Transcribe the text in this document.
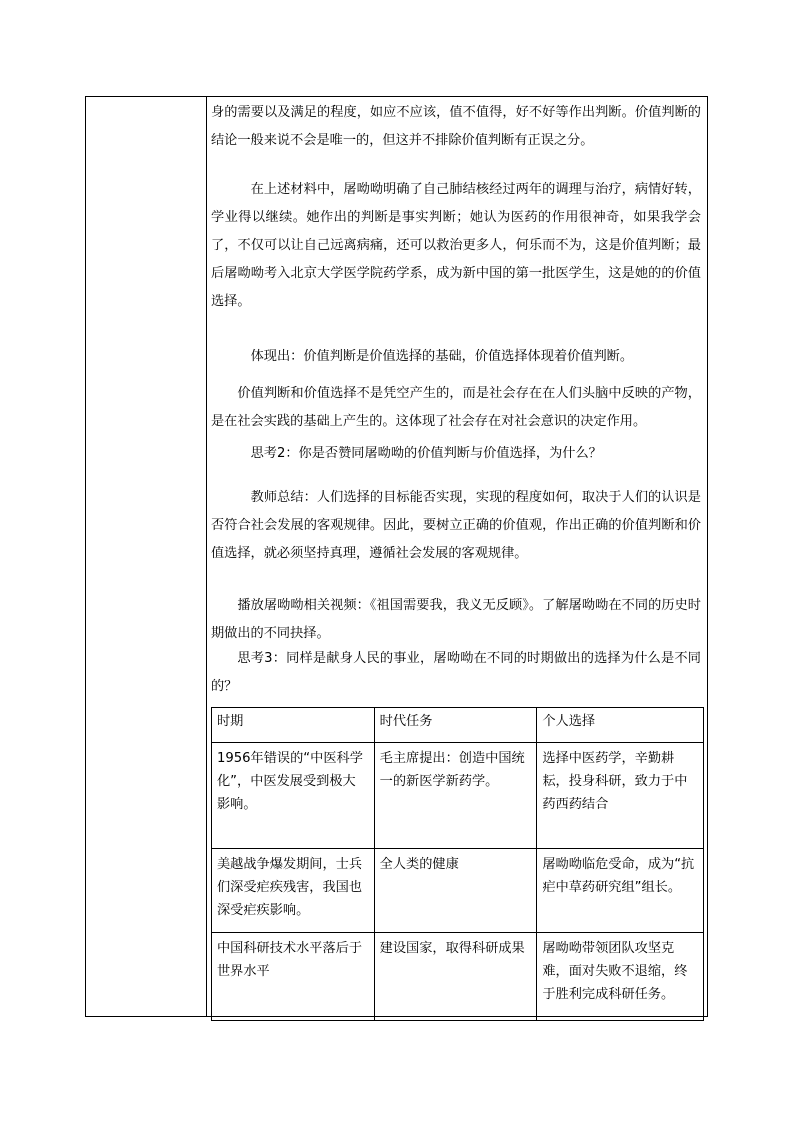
身的需要以及满足的程度，如应不应该，值不值得，好不好等作出判断。价值判断的结论一般来说不会是唯一的，但这并不排除价值判断有正误之分。

在上述材料中，屠呦呦明确了自己肺结核经过两年的调理与治疗，病情好转，学业得以继续。她作出的判断是事实判断；她认为医药的作用很神奇，如果我学会了，不仅可以让自己远离病痛，还可以救治更多人，何乐而不为，这是价值判断；最后屠呦呦考入北京大学医学院药学系，成为新中国的第一批医学生，这是她的的价值选择。

体现出：价值判断是价值选择的基础，价值选择体现着价值判断。

价值判断和价值选择不是凭空产生的，而是社会存在在人们头脑中反映的产物，是在社会实践的基础上产生的。这体现了社会存在对社会意识的决定作用。

思考2：你是否赞同屠呦呦的价值判断与价值选择，为什么？

教师总结：人们选择的目标能否实现，实现的程度如何，取决于人们的认识是否符合社会发展的客观规律。因此，要树立正确的价值观，作出正确的价值判断和价值选择，就必须坚持真理，遵循社会发展的客观规律。

播放屠呦呦相关视频：《祖国需要我，我义无反顾》。了解屠呦呦在不同的历史时期做出的不同抉择。

思考3：同样是献身人民的事业，屠呦呦在不同的时期做出的选择为什么是不同的？

时期	时代任务	个人选择
1956年错误的“中医科学化”，中医发展受到极大影响。	毛主席提出：创造中国统一的新医学新药学。	选择中医药学，辛勤耕耘，投身科研，致力于中药西药结合
美越战争爆发期间，士兵们深受疟疾残害，我国也深受疟疾影响。	全人类的健康	屠呦呦临危受命，成为“抗疟中草药研究组”组长。
中国科研技术水平落后于世界水平	建设国家，取得科研成果	屠呦呦带领团队攻坚克难，面对失败不退缩，终于胜利完成科研任务。
